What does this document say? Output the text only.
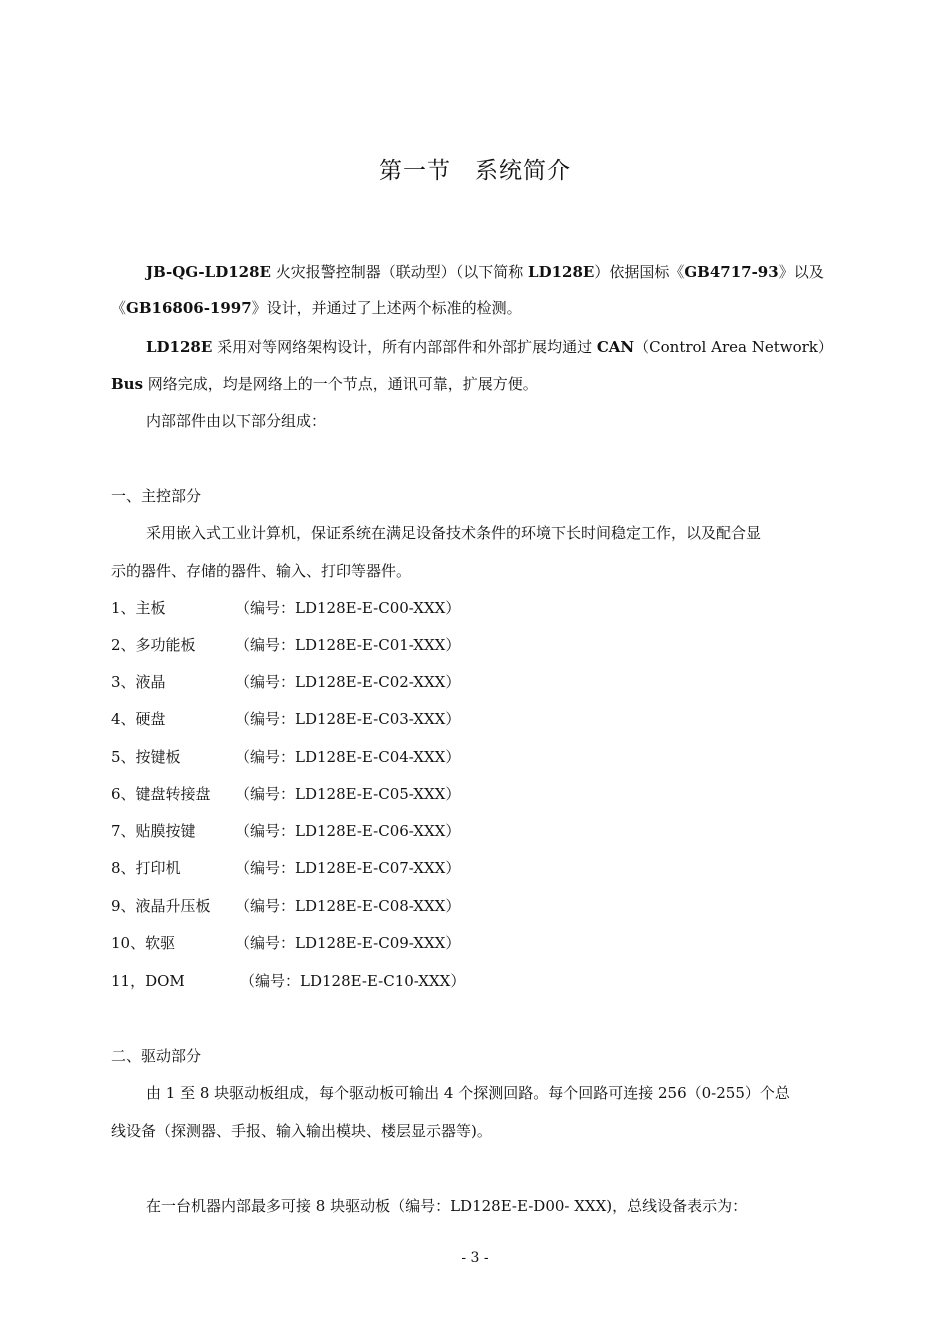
第一节　系统简介
JB-QG-LD128E 火灾报警控制器（联动型）（以下简称 LD128E）依据国标《GB4717-93》以及
《GB16806-1997》设计，并通过了上述两个标准的检测。
LD128E 采用对等网络架构设计，所有内部部件和外部扩展均通过 CAN（Control Area Network）
Bus 网络完成，均是网络上的一个节点，通讯可靠，扩展方便。
内部部件由以下部分组成：
一、主控部分
采用嵌入式工业计算机，保证系统在满足设备技术条件的环境下长时间稳定工作，以及配合显
示的器件、存储的器件、输入、打印等器件。
1、主板	（编号：LD128E-E-C00-XXX）
2、多功能板	（编号：LD128E-E-C01-XXX）
3、液晶	（编号：LD128E-E-C02-XXX）
4、硬盘	（编号：LD128E-E-C03-XXX）
5、按键板	（编号：LD128E-E-C04-XXX）
6、键盘转接盘 （编号：LD128E-E-C05-XXX）
7、贴膜按键	（编号：LD128E-E-C06-XXX）
8、打印机	（编号：LD128E-E-C07-XXX）
9、液晶升压板 （编号：LD128E-E-C08-XXX）
10、软驱	（编号：LD128E-E-C09-XXX）
11，DOM	（编号：LD128E-E-C10-XXX）
二、驱动部分
由 1 至 8 块驱动板组成，每个驱动板可输出 4 个探测回路。每个回路可连接 256（0-255）个总
线设备（探测器、手报、输入输出模块、楼层显示器等)。
在一台机器内部最多可接 8 块驱动板（编号：LD128E-E-D00- XXX)，总线设备表示为：
- 3 -
